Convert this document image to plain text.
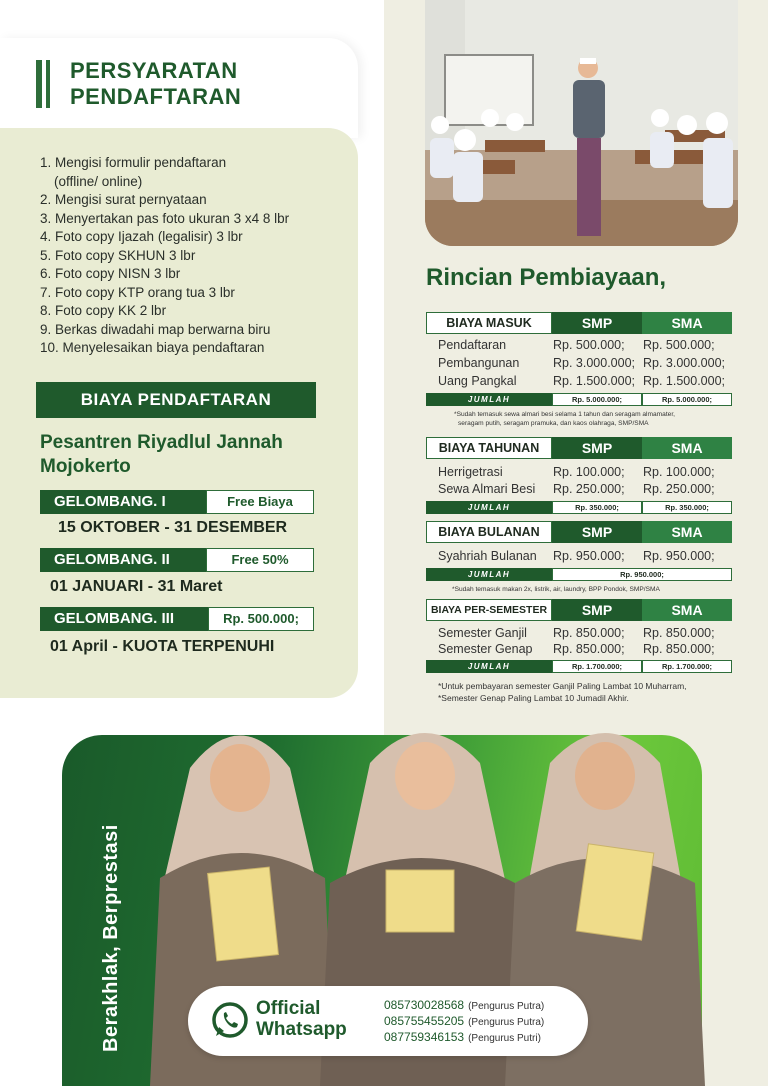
PERSYARATAN
PENDAFTARAN
1. Mengisi formulir pendaftaran
(offline/ online)
2. Mengisi surat pernyataan
3. Menyertakan pas foto ukuran 3 x4 8 lbr
4. Foto copy Ijazah (legalisir) 3 lbr
5. Foto copy SKHUN 3 lbr
6. Foto copy NISN 3 lbr
7. Foto copy KTP orang tua 3 lbr
8. Foto copy KK 2 lbr
9. Berkas diwadahi map berwarna biru
10. Menyelesaikan biaya pendaftaran
BIAYA PENDAFTARAN
Pesantren Riyadlul Jannah
Mojokerto
GELOMBANG. I	Free Biaya
15 OKTOBER - 31 DESEMBER
GELOMBANG. II	Free 50%
01 JANUARI - 31 Maret
GELOMBANG. III	Rp. 500.000;
01 April - KUOTA TERPENUHI
Rincian Pembiayaan,
BIAYA MASUK	SMP	SMA
Pendaftaran	Rp. 500.000; Rp. 500.000;
Pembangunan	Rp. 3.000.000; Rp. 3.000.000;
Uang Pangkal	Rp. 1.500.000; Rp. 1.500.000;
JUMLAH	Rp. 5.000.000;	Rp. 5.000.000;
*Sudah temasuk sewa almari besi selama 1 tahun dan seragam almamater,
seragam putih, seragam pramuka, dan kaos olahraga, SMP/SMA
BIAYA TAHUNAN	SMP	SMA
Herrigetrasi	Rp. 100.000; Rp. 100.000;
Sewa Almari Besi Rp. 250.000; Rp. 250.000;
JUMLAH	Rp. 350.000;	Rp. 350.000;
BIAYA BULANAN	SMP	SMA
Syahriah Bulanan Rp. 950.000; Rp. 950.000;
JUMLAH	Rp. 950.000;
*Sudah temasuk makan 2x, listrik, air, laundry, BPP Pondok, SMP/SMA
BIAYA PER-SEMESTER	SMP	SMA
Semester Ganjil Rp. 850.000; Rp. 850.000;
Semester Genap Rp. 850.000; Rp. 850.000;
JUMLAH	Rp. 1.700.000;	Rp. 1.700.000;
*Untuk pembayaran semester Ganjil Paling Lambat 10 Muharram,
*Semester Genap Paling Lambat 10 Jumadil Akhir.
Berakhlak, Berprestasi	Official
Whatsapp
085730028568 (Pengurus Putra)
085755455205 (Pengurus Putra)
087759346153 (Pengurus Putri)
